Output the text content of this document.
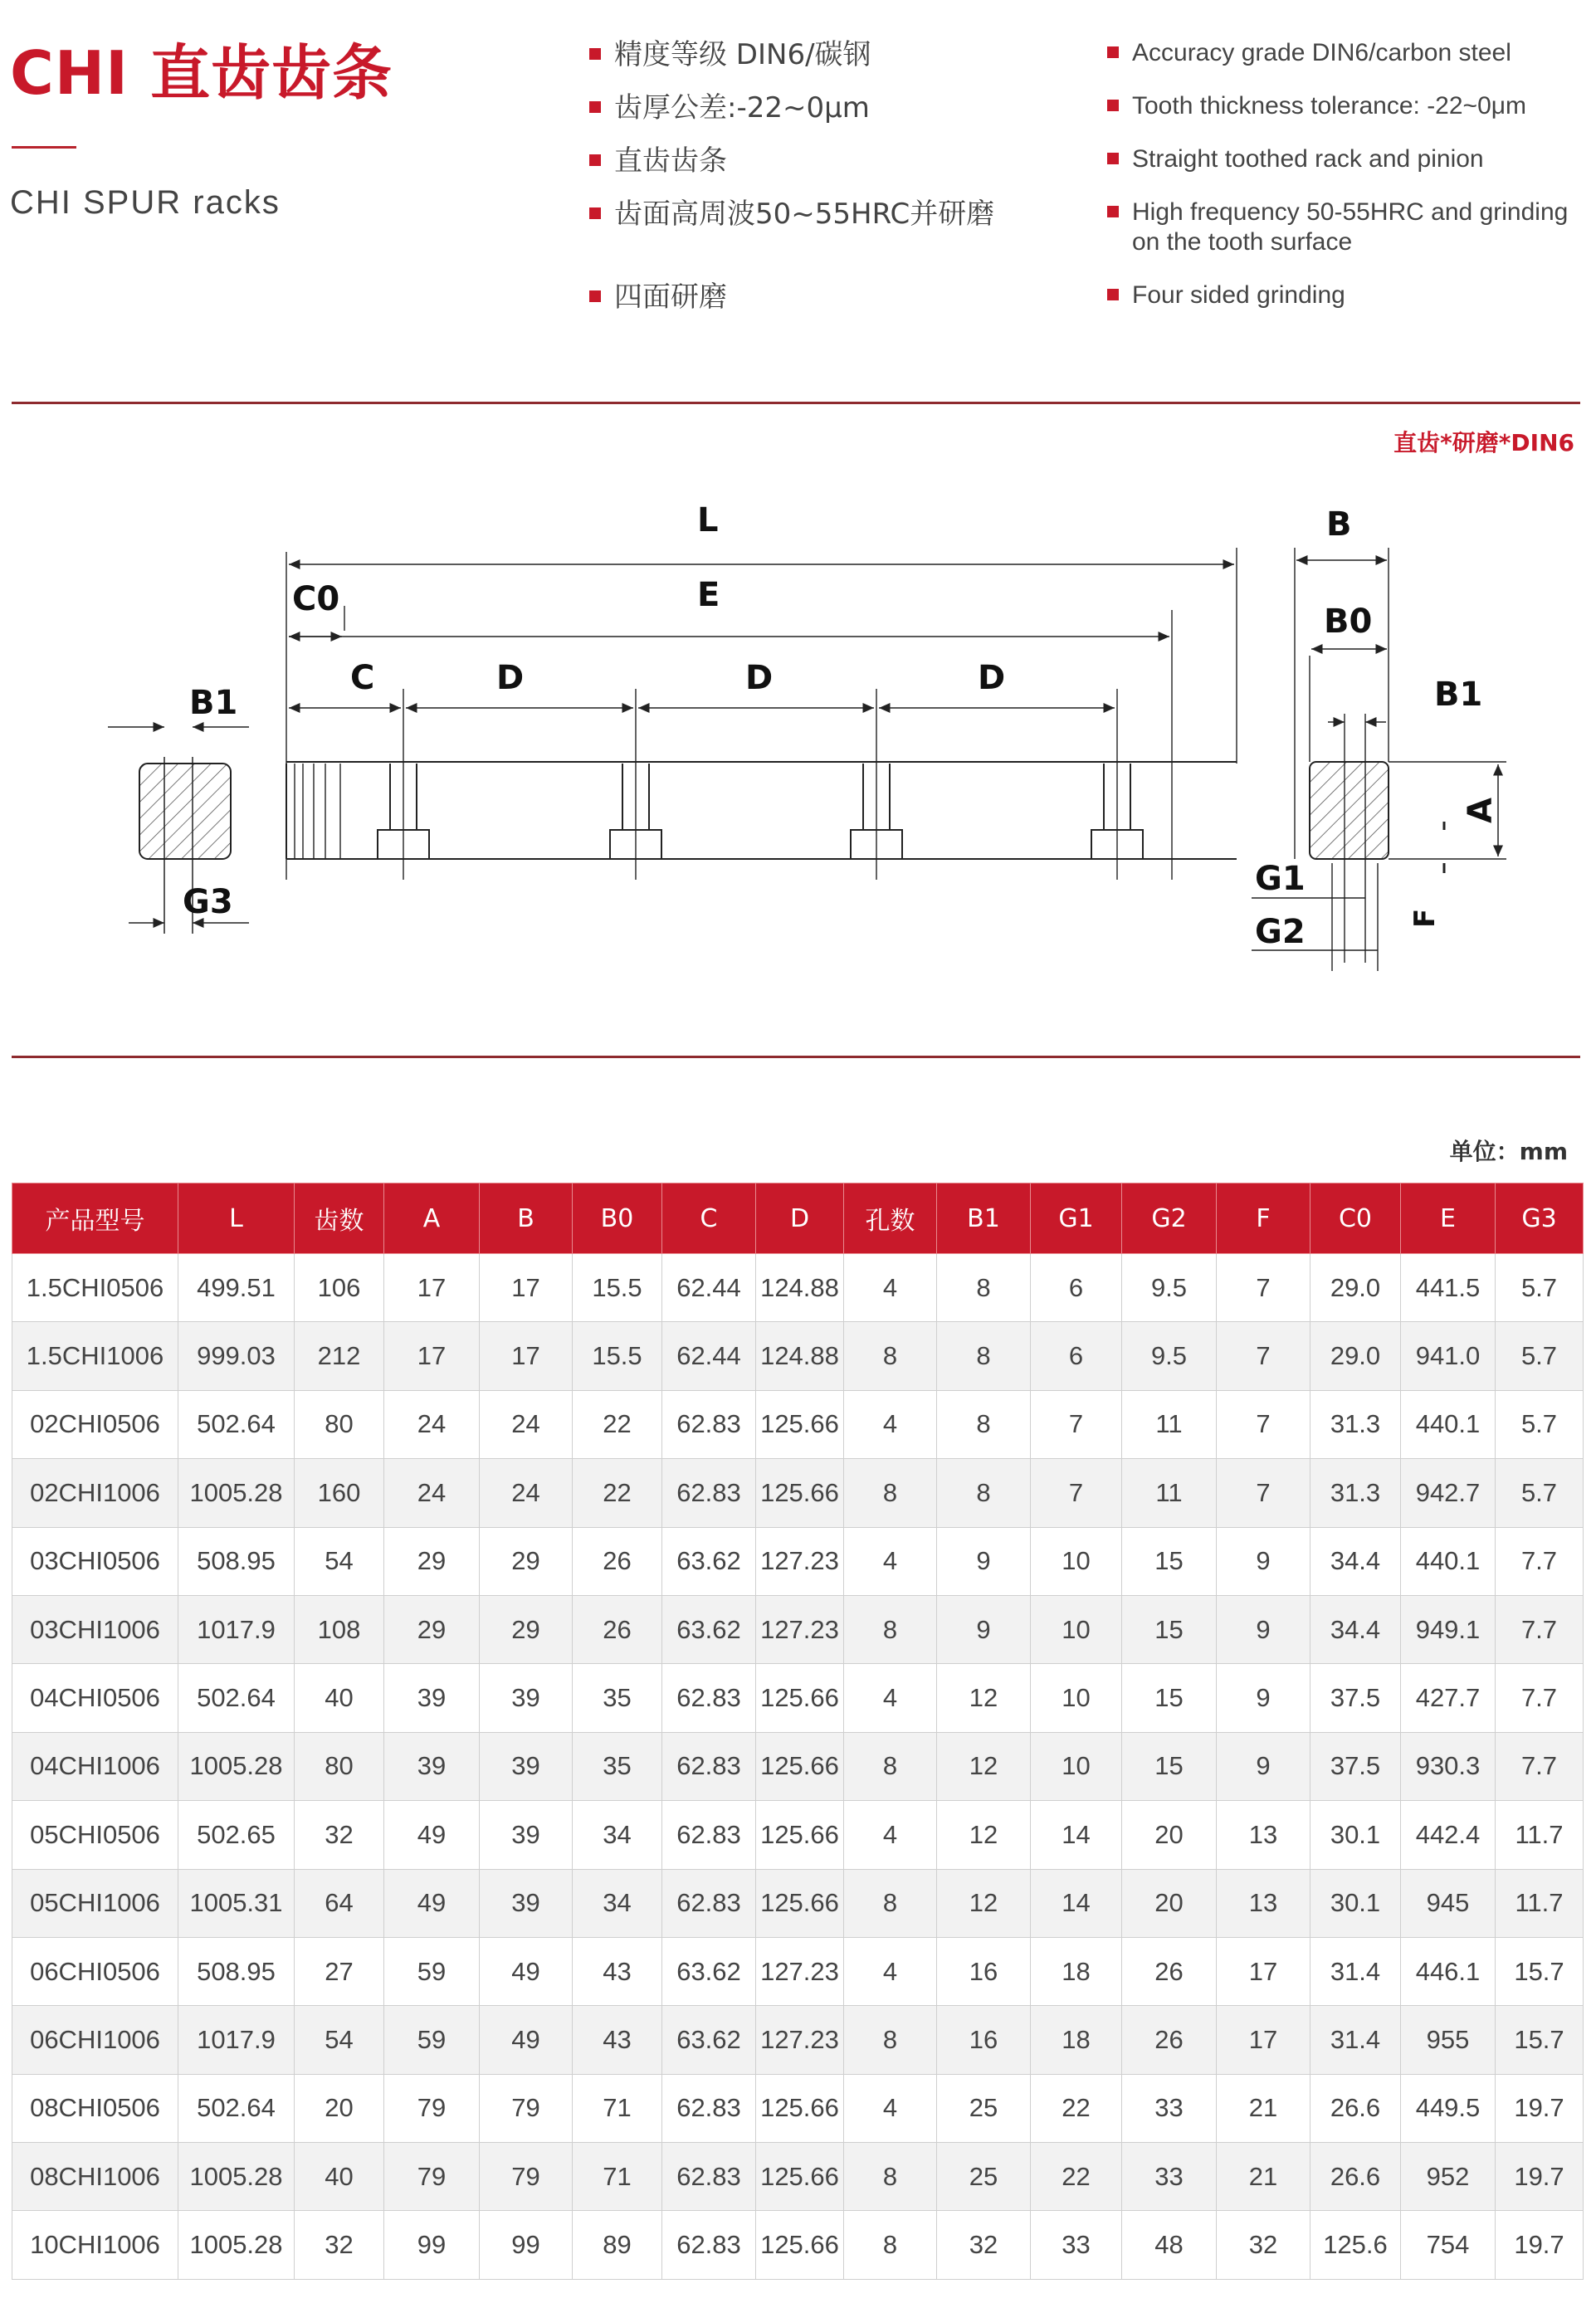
CHI 直齿齿条
CHI SPUR racks
精度等级 DIN6/碳钢
齿厚公差:-22~0μm
直齿齿条
齿面高周波50~55HRC并研磨
四面研磨
Accuracy grade DIN6/carbon steel
Tooth thickness tolerance: -22~0μm
Straight toothed rack and pinion
High frequency 50-55HRC and grinding
on the tooth surface
Four sided grinding
直齿*研磨*DIN6
L
E
C0
C	D	D	D
B1
G3
B
B0
B1
G1
G2
A
F
单位：mm
产品型号	L	齿数	A	B	B0	C	D	孔数	B1	G1	G2	F	C0	E	G3
1.5CHI0506	499.51	106	17	17	15.5	62.44	124.88	4	8	6	9.5	7	29.0	441.5	5.7
1.5CHI1006	999.03	212	17	17	15.5	62.44	124.88	8	8	6	9.5	7	29.0	941.0	5.7
02CHI0506	502.64	80	24	24	22	62.83	125.66	4	8	7	11	7	31.3	440.1	5.7
02CHI1006	1005.28	160	24	24	22	62.83	125.66	8	8	7	11	7	31.3	942.7	5.7
03CHI0506	508.95	54	29	29	26	63.62	127.23	4	9	10	15	9	34.4	440.1	7.7
03CHI1006	1017.9	108	29	29	26	63.62	127.23	8	9	10	15	9	34.4	949.1	7.7
04CHI0506	502.64	40	39	39	35	62.83	125.66	4	12	10	15	9	37.5	427.7	7.7
04CHI1006	1005.28	80	39	39	35	62.83	125.66	8	12	10	15	9	37.5	930.3	7.7
05CHI0506	502.65	32	49	39	34	62.83	125.66	4	12	14	20	13	30.1	442.4	11.7
05CHI1006	1005.31	64	49	39	34	62.83	125.66	8	12	14	20	13	30.1	945	11.7
06CHI0506	508.95	27	59	49	43	63.62	127.23	4	16	18	26	17	31.4	446.1	15.7
06CHI1006	1017.9	54	59	49	43	63.62	127.23	8	16	18	26	17	31.4	955	15.7
08CHI0506	502.64	20	79	79	71	62.83	125.66	4	25	22	33	21	26.6	449.5	19.7
08CHI1006	1005.28	40	79	79	71	62.83	125.66	8	25	22	33	21	26.6	952	19.7
10CHI1006	1005.28	32	99	99	89	62.83	125.66	8	32	33	48	32	125.6	754	19.7
